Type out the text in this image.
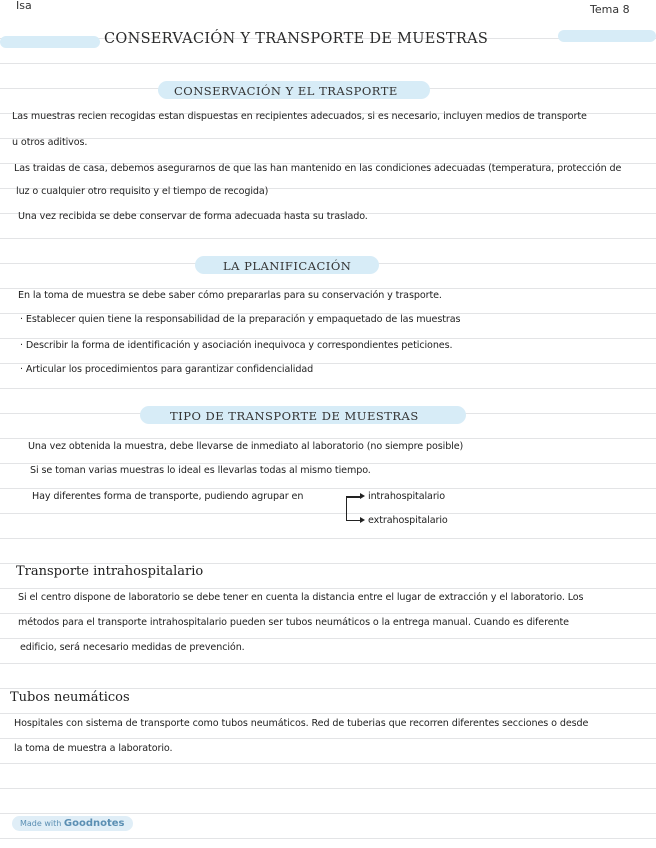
Isa	Tema 8
CONSERVACIÓN Y TRANSPORTE DE MUESTRAS
CONSERVACIÓN Y EL TRASPORTE
Las muestras recien recogidas estan dispuestas en recipientes adecuados, si es necesario, incluyen medios de transporte
u otros aditivos.
Las traidas de casa, debemos asegurarnos de que las han mantenido en las condiciones adecuadas (temperatura, protección de
luz o cualquier otro requisito y el tiempo de recogida)
Una vez recibida se debe conservar de forma adecuada hasta su traslado.
LA PLANIFICACIÓN
En la toma de muestra se debe saber cómo prepararlas para su conservación y trasporte.
· Establecer quien tiene la responsabilidad de la preparación y empaquetado de las muestras
· Describir la forma de identificación y asociación inequivoca y correspondientes peticiones.
· Articular los procedimientos para garantizar confidencialidad
TIPO DE TRANSPORTE DE MUESTRAS
Una vez obtenida la muestra, debe llevarse de inmediato al laboratorio (no siempre posible)
Si se toman varias muestras lo ideal es llevarlas todas al mismo tiempo.
Hay diferentes forma de transporte, pudiendo agrupar en	intrahospitalario
extrahospitalario
Transporte intrahospitalario
Si el centro dispone de laboratorio se debe tener en cuenta la distancia entre el lugar de extracción y el laboratorio. Los
métodos para el transporte intrahospitalario pueden ser tubos neumáticos o la entrega manual. Cuando es diferente
edificio, será necesario medidas de prevención.
Tubos neumáticos
Hospitales con sistema de transporte como tubos neumáticos. Red de tuberias que recorren diferentes secciones o desde
la toma de muestra a laboratorio.
Made with Goodnotes
